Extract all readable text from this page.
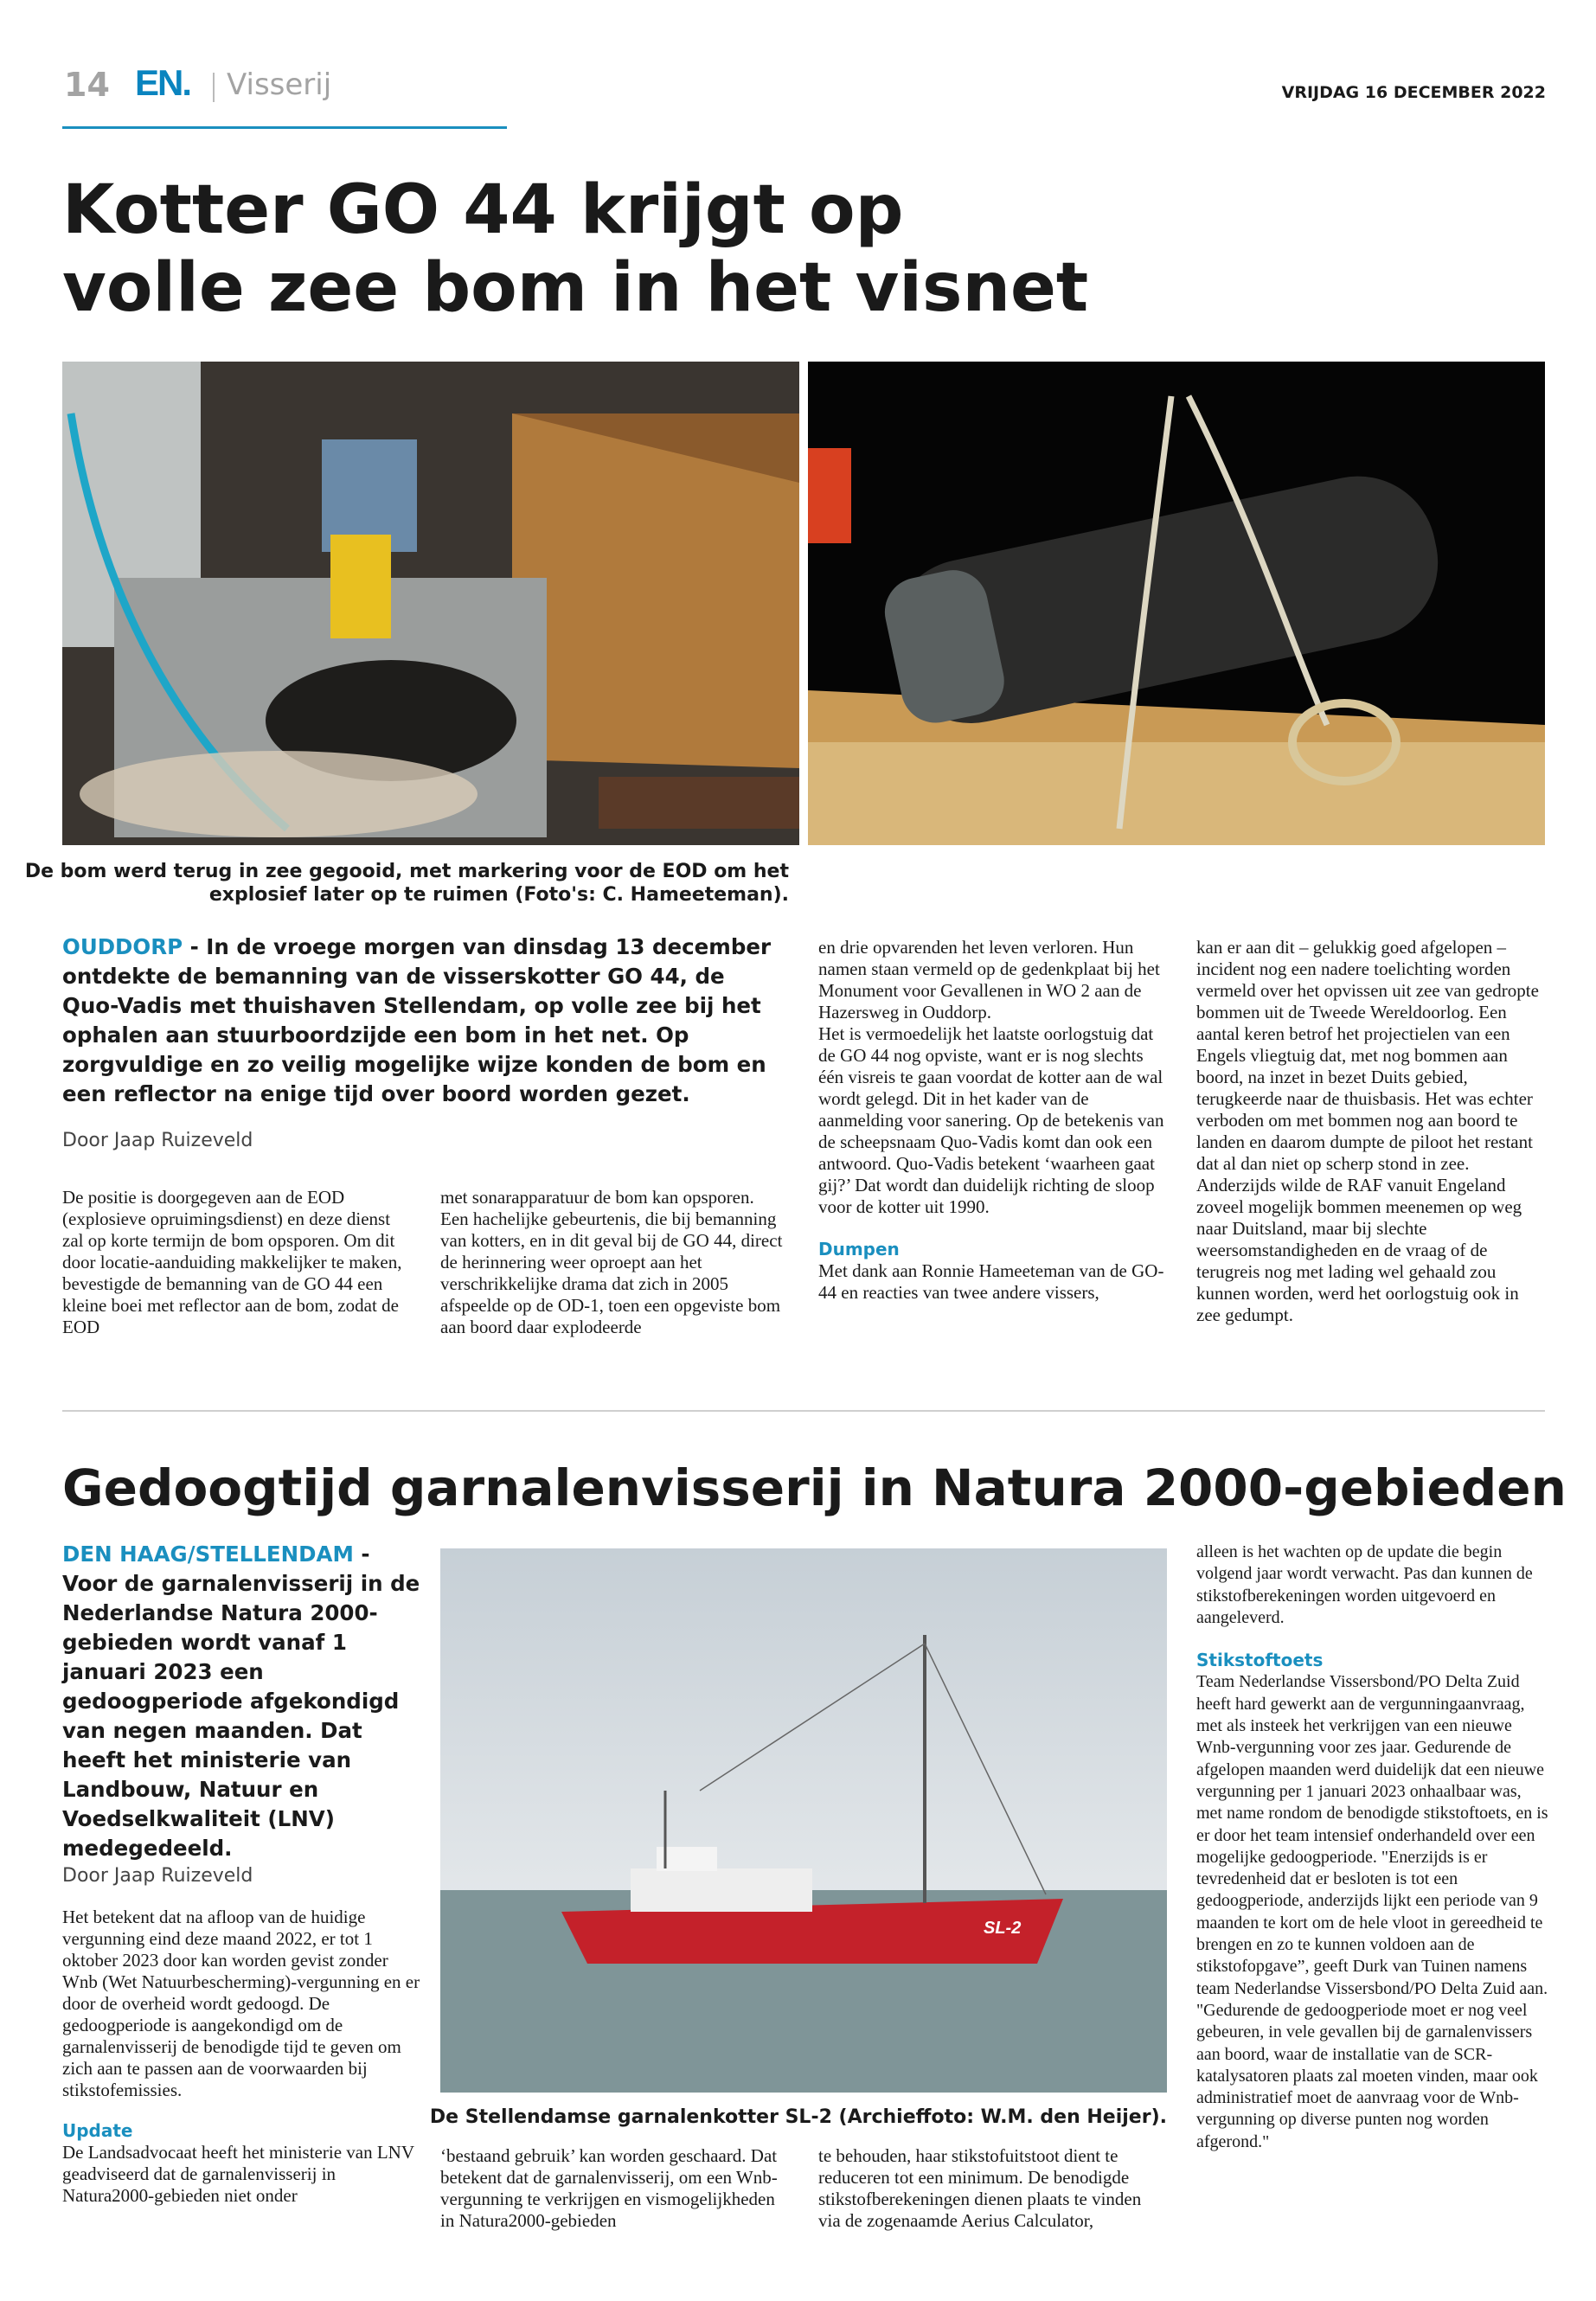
14 EN. Visserij	VRIJDAG 16 DECEMBER 2022
Kotter GO 44 krijgt op
volle zee bom in het visnet
De bom werd terug in zee gegooid, met markering voor de EOD om het
explosief later op te ruimen (Foto's: C. Hameeteman).
OUDDORP - In de vroege morgen van dinsdag 13 december ontdekte de bemanning van de visserskotter GO 44, de Quo-Vadis met thuishaven Stellendam, op volle zee bij het ophalen aan stuurboordzijde een bom in het net. Op zorgvuldige en zo veilig mogelijke wijze konden de bom en een reflector na enige tijd over boord worden gezet.
Door Jaap Ruizeveld
De positie is doorgegeven aan de EOD (explosieve opruimingsdienst) en deze dienst zal op korte termijn de bom opsporen. Om dit door locatie-aanduiding makkelijker te maken, bevestigde de bemanning van de GO 44 een kleine boei met reflector aan de bom, zodat de EOD
met sonarapparatuur de bom kan opsporen. Een hachelijke gebeurtenis, die bij bemanning van kotters, en in dit geval bij de GO 44, direct de herinnering weer oproept aan het verschrikkelijke drama dat zich in 2005 afspeelde op de OD-1, toen een opgeviste bom aan boord daar explodeerde
en drie opvarenden het leven verloren. Hun namen staan vermeld op de gedenkplaat bij het Monument voor Gevallenen in WO 2 aan de Hazersweg in Ouddorp.
Het is vermoedelijk het laatste oorlogstuig dat de GO 44 nog opviste, want er is nog slechts één visreis te gaan voordat de kotter aan de wal wordt gelegd. Dit in het kader van de aanmelding voor sanering. Op de betekenis van de scheepsnaam Quo-Vadis komt dan ook een antwoord. Quo-Vadis betekent ‘waarheen gaat gij?’ Dat wordt dan duidelijk richting de sloop voor de kotter uit 1990.
Dumpen
Met dank aan Ronnie Hameeteman van de GO-44 en reacties van twee andere vissers,
kan er aan dit – gelukkig goed afgelopen – incident nog een nadere toelichting worden vermeld over het opvissen uit zee van gedropte bommen uit de Tweede Wereldoorlog. Een aantal keren betrof het projectielen van een Engels vliegtuig dat, met nog bommen aan boord, na inzet in bezet Duits gebied, terugkeerde naar de thuisbasis. Het was echter verboden om met bommen nog aan boord te landen en daarom dumpte de piloot het restant dat al dan niet op scherp stond in zee. Anderzijds wilde de RAF vanuit Engeland zoveel mogelijk bommen meenemen op weg naar Duitsland, maar bij slechte weersomstandigheden en de vraag of de terugreis nog met lading wel gehaald zou kunnen worden, werd het oorlogstuig ook in zee gedumpt.
Gedoogtijd garnalenvisserij in Natura 2000-gebieden
DEN HAAG/STELLENDAM - Voor de garnalenvisserij in de Nederlandse Natura 2000-gebieden wordt vanaf 1 januari 2023 een gedoogperiode afgekondigd van negen maanden. Dat heeft het ministerie van Landbouw, Natuur en Voedselkwaliteit (LNV) medegedeeld.
Door Jaap Ruizeveld
Het betekent dat na afloop van de huidige vergunning eind deze maand 2022, er tot 1 oktober 2023 door kan worden gevist zonder Wnb (Wet Natuurbescherming)-vergunning en er door de overheid wordt gedoogd. De gedoogperiode is aangekondigd om de garnalenvisserij de benodigde tijd te geven om zich aan te passen aan de voorwaarden bij stikstofemissies.
Update
De Landsadvocaat heeft het ministerie van LNV geadviseerd dat de garnalenvisserij in Natura2000-gebieden niet onder
SL-2
De Stellendamse garnalenkotter SL-2 (Archieffoto: W.M. den Heijer).
‘bestaand gebruik’ kan worden geschaard. Dat betekent dat de garnalenvisserij, om een Wnb-vergunning te verkrijgen en vismogelijkheden in Natura2000-gebieden
te behouden, haar stikstofuitstoot dient te reduceren tot een minimum. De benodigde stikstofberekeningen dienen plaats te vinden via de zogenaamde Aerius Calculator,
alleen is het wachten op de update die begin volgend jaar wordt verwacht. Pas dan kunnen de stikstofberekeningen worden uitgevoerd en aangeleverd.
Stikstoftoets
Team Nederlandse Vissersbond/PO Delta Zuid heeft hard gewerkt aan de vergunningaanvraag, met als insteek het verkrijgen van een nieuwe Wnb-vergunning voor zes jaar. Gedurende de afgelopen maanden werd duidelijk dat een nieuwe vergunning per 1 januari 2023 onhaalbaar was, met name rondom de benodigde stikstoftoets, en is er door het team intensief onderhandeld over een mogelijke gedoogperiode. "Enerzijds is er tevredenheid dat er besloten is tot een gedoogperiode, anderzijds lijkt een periode van 9 maanden te kort om de hele vloot in gereedheid te brengen en zo te kunnen voldoen aan de stikstofopgave”, geeft Durk van Tuinen namens team Nederlandse Vissersbond/PO Delta Zuid aan. "Gedurende de gedoogperiode moet er nog veel gebeuren, in vele gevallen bij de garnalenvissers aan boord, waar de installatie van de SCR-katalysatoren plaats zal moeten vinden, maar ook administratief moet de aanvraag voor de Wnb-vergunning op diverse punten nog worden afgerond."
